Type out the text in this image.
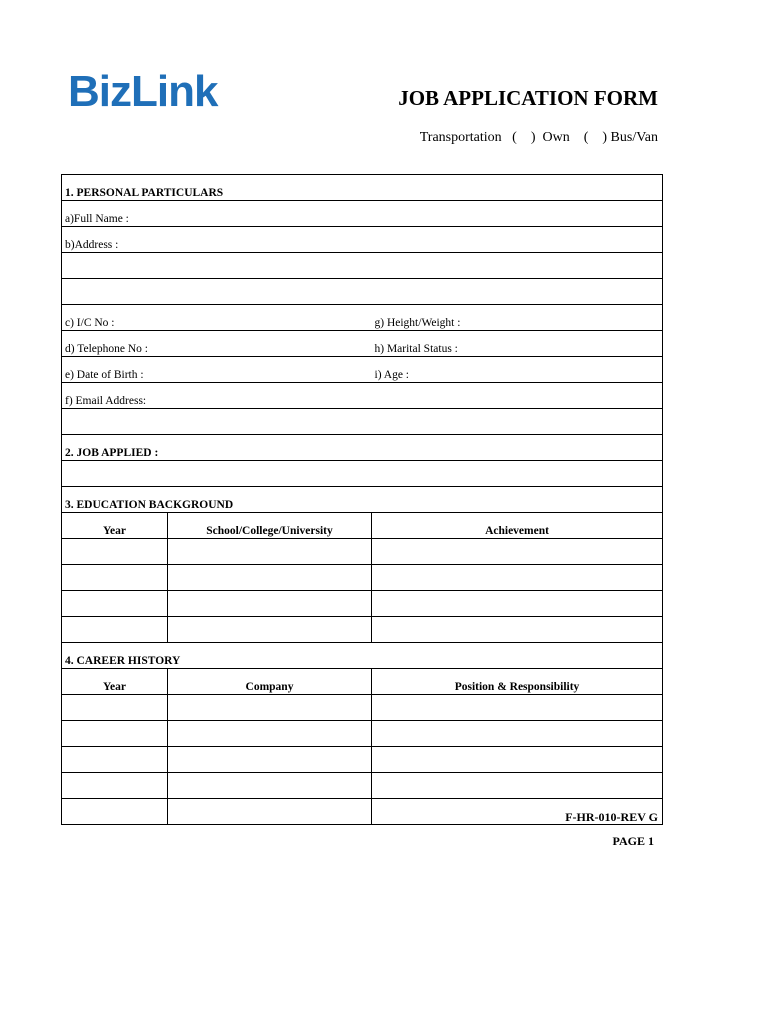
BizLink	JOB APPLICATION FORM
Transportation   (    )  Own    (    ) Bus/Van
1. PERSONAL PARTICULARS		
a)Full Name :		
b)Address :		

c) I/C No :		g) Height/Weight :
d) Telephone No :		h) Marital Status :
e) Date of Birth :		i) Age :
f) Email Address:		

2. JOB APPLIED :		

3. EDUCATION BACKGROUND		
Year	School/College/University	Achievement

4. CAREER HISTORY		
Year	Company	Position & Responsibility

F-HR-010-REV G
PAGE 1
